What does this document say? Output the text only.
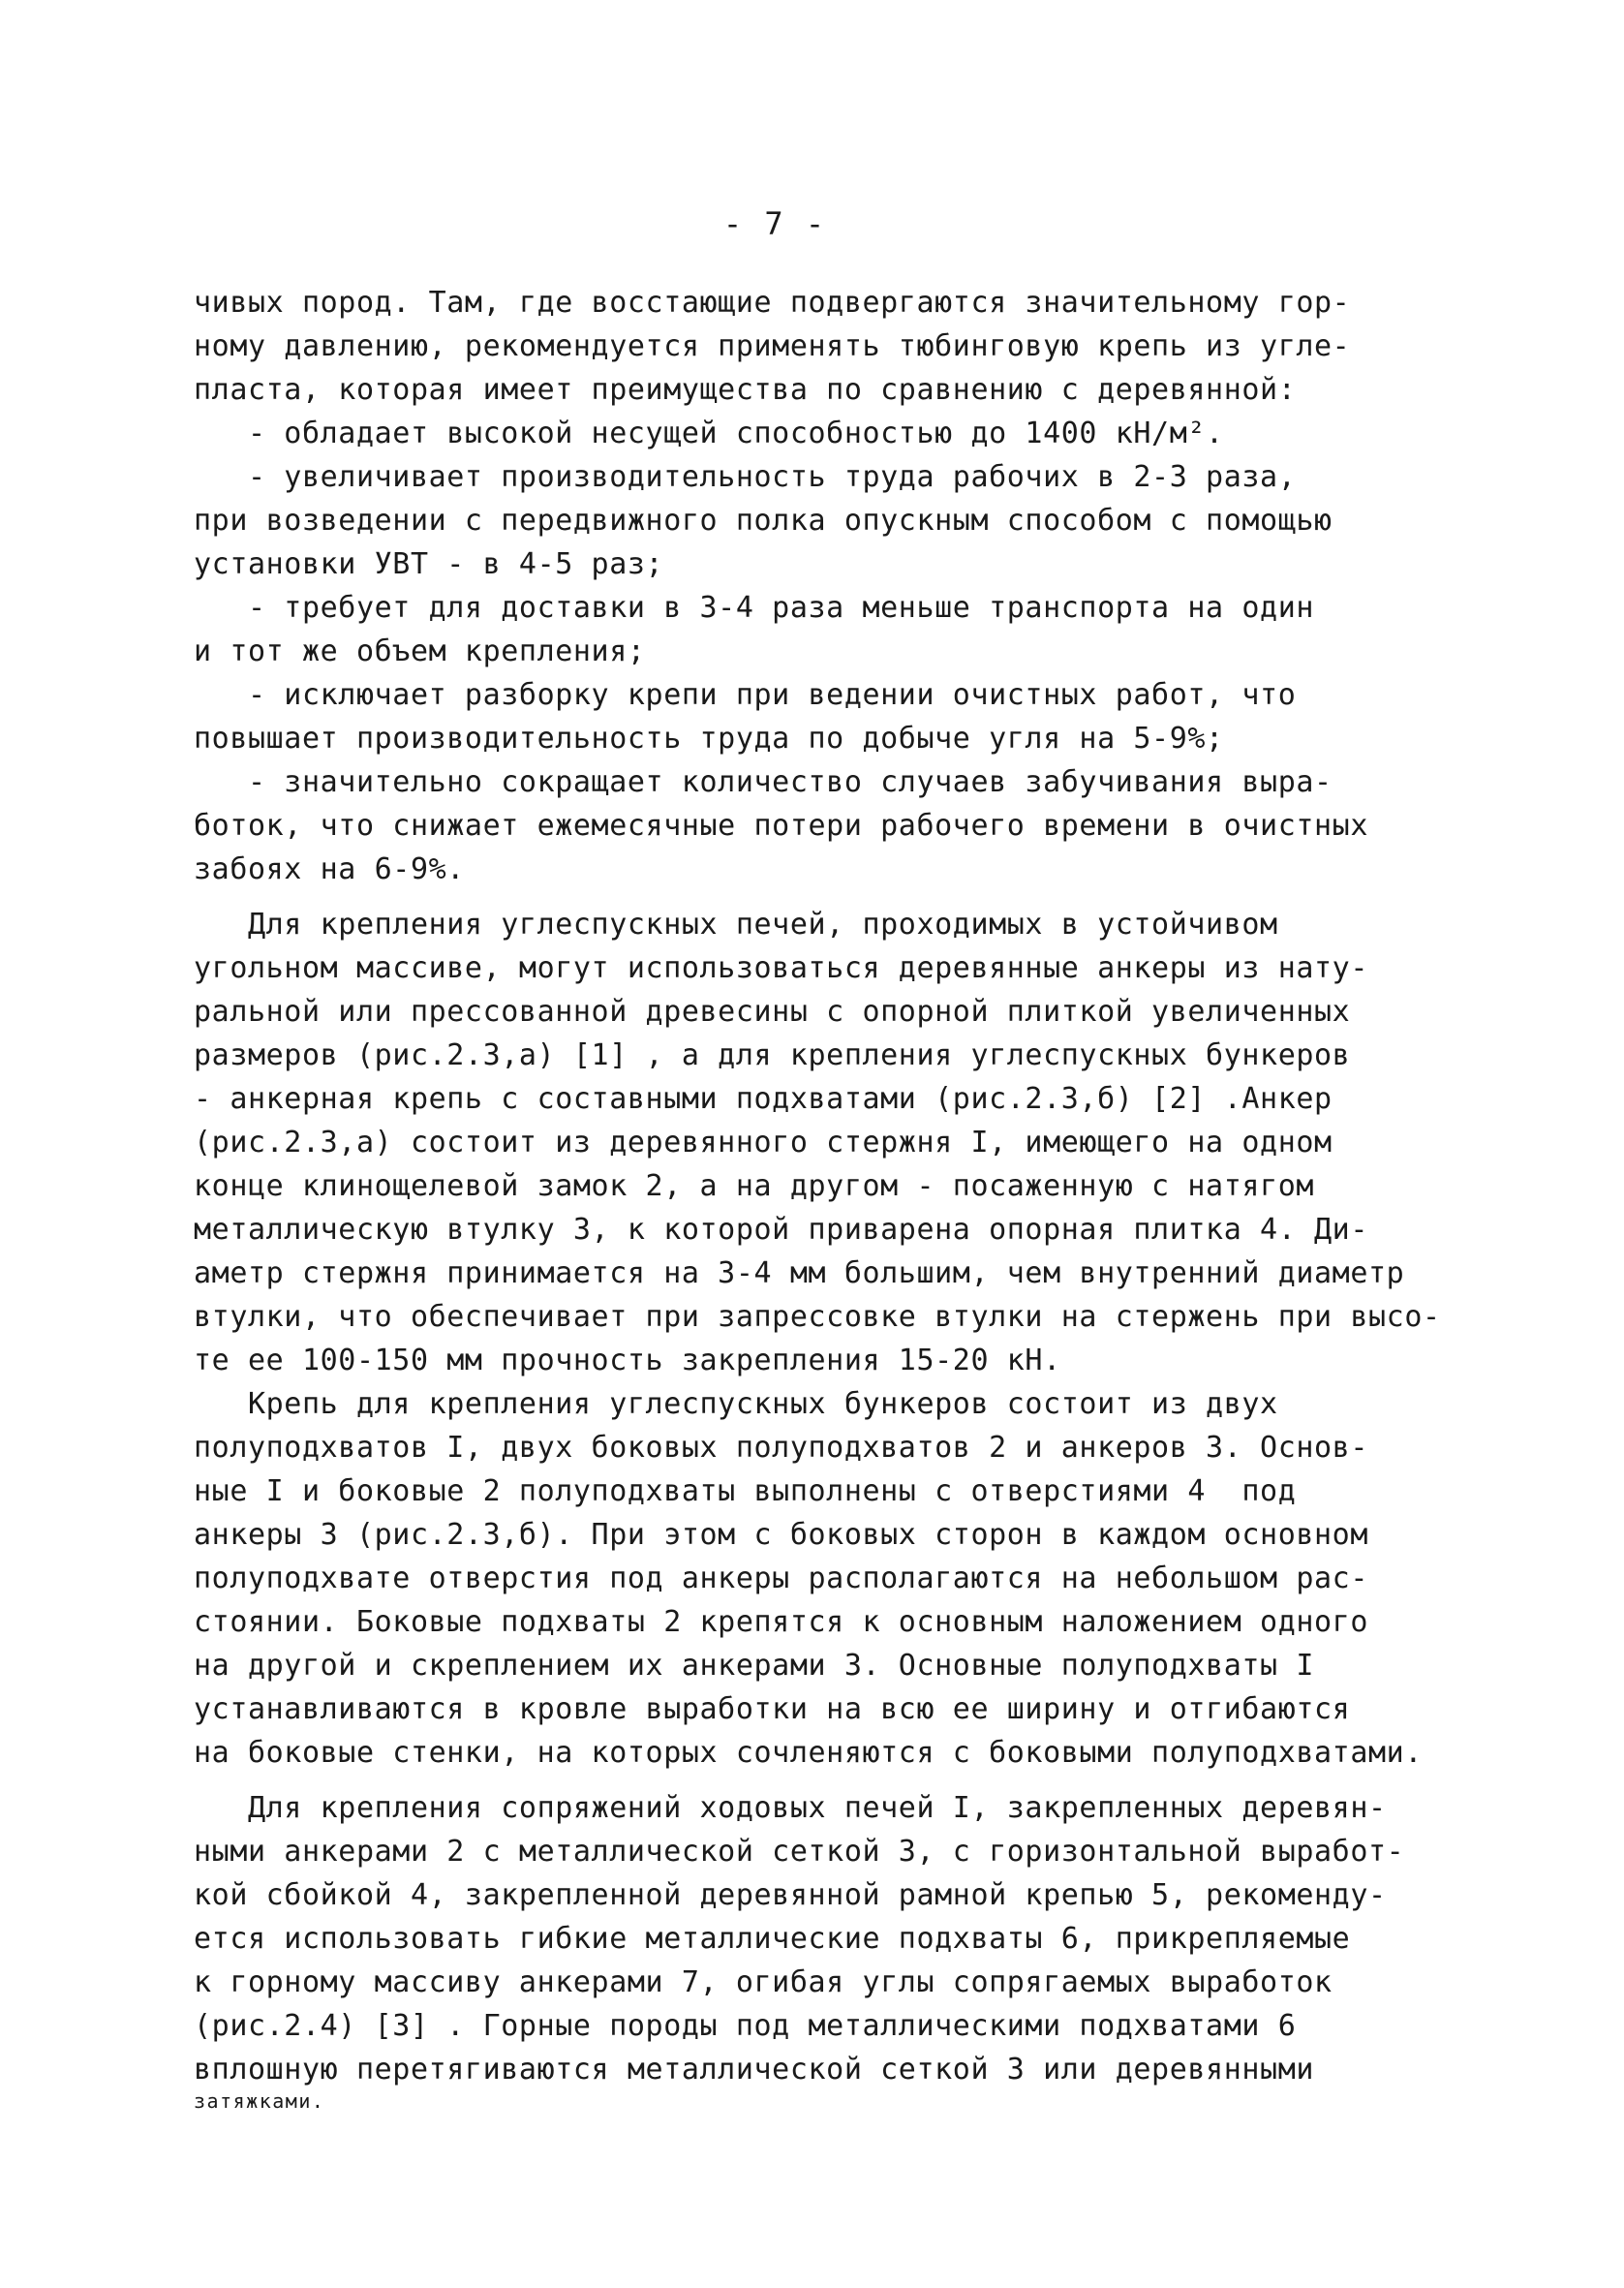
- 7 -
чивых пород. Там, где восстающие подвергаются значительному гор-
ному давлению, рекомендуется применять тюбинговую крепь из угле-
пласта, которая имеет преимущества по сравнению с деревянной:
- обладает высокой несущей способностью до 1400 кН/м².
- увеличивает производительность труда рабочих в 2-3 раза,
при возведении с передвижного полка опускным способом с помощью
установки УВТ - в 4-5 раз;
- требует для доставки в 3-4 раза меньше транспорта на один
и тот же объем крепления;
- исключает разборку крепи при ведении очистных работ, что
повышает производительность труда по добыче угля на 5-9%;
- значительно сокращает количество случаев забучивания выра-
боток, что снижает ежемесячные потери рабочего времени в очистных
забоях на 6-9%.
Для крепления углеспускных печей, проходимых в устойчивом
угольном массиве, могут использоваться деревянные анкеры из нату-
ральной или прессованной древесины с опорной плиткой увеличенных
размеров (рис.2.3,а) [1] , а для крепления углеспускных бункеров
- анкерная крепь с составными подхватами (рис.2.3,б) [2] .Анкер
(рис.2.3,а) состоит из деревянного стержня I, имеющего на одном
конце клинощелевой замок 2, а на другом - посаженную с натягом
металлическую втулку 3, к которой приварена опорная плитка 4. Ди-
аметр стержня принимается на 3-4 мм большим, чем внутренний диаметр
втулки, что обеспечивает при запрессовке втулки на стержень при высо-
те ее 100-150 мм прочность закрепления 15-20 кН.
Крепь для крепления углеспускных бункеров состоит из двух
полуподхватов I, двух боковых полуподхватов 2 и анкеров 3. Основ-
ные I и боковые 2 полуподхваты выполнены с отверстиями 4  под
анкеры 3 (рис.2.3,б). При этом с боковых сторон в каждом основном
полуподхвате отверстия под анкеры располагаются на небольшом рас-
стоянии. Боковые подхваты 2 крепятся к основным наложением одного
на другой и скреплением их анкерами 3. Основные полуподхваты I
устанавливаются в кровле выработки на всю ее ширину и отгибаются
на боковые стенки, на которых сочленяются с боковыми полуподхватами.
Для крепления сопряжений ходовых печей I, закрепленных деревян-
ными анкерами 2 с металлической сеткой 3, с горизонтальной выработ-
кой сбойкой 4, закрепленной деревянной рамной крепью 5, рекоменду-
ется использовать гибкие металлические подхваты 6, прикрепляемые
к горному массиву анкерами 7, огибая углы сопрягаемых выработок
(рис.2.4) [3] . Горные породы под металлическими подхватами 6
вплошную перетягиваются металлической сеткой 3 или деревянными
затяжками.
